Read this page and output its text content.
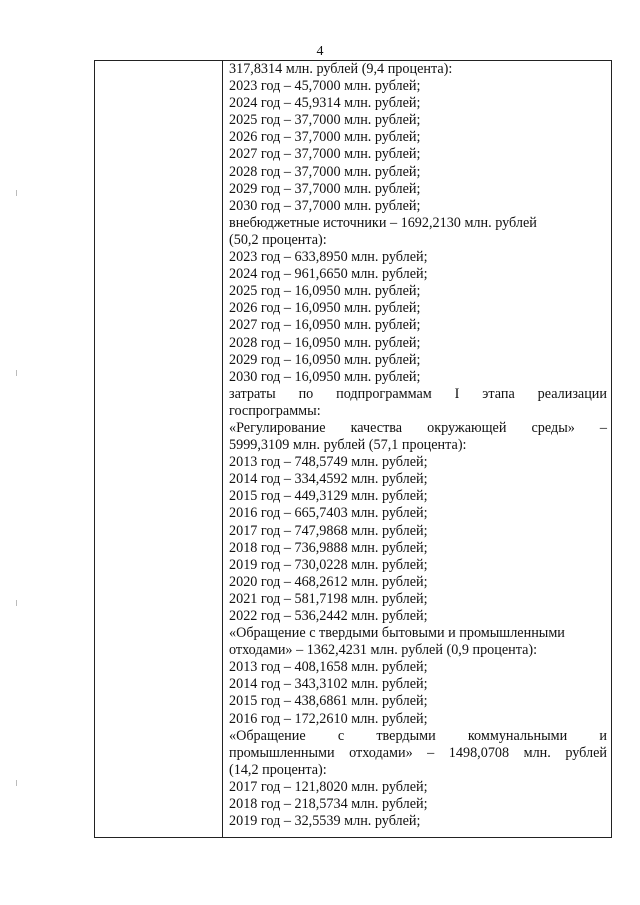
4
317,8314 млн. рублей (9,4 процента):
2023 год – 45,7000 млн. рублей;
2024 год – 45,9314 млн. рублей;
2025 год – 37,7000 млн. рублей;
2026 год – 37,7000 млн. рублей;
2027 год – 37,7000 млн. рублей;
2028 год – 37,7000 млн. рублей;
2029 год – 37,7000 млн. рублей;
2030 год – 37,7000 млн. рублей;
внебюджетные источники – 1692,2130 млн. рублей
(50,2 процента):
2023 год – 633,8950 млн. рублей;
2024 год – 961,6650 млн. рублей;
2025 год – 16,0950 млн. рублей;
2026 год – 16,0950 млн. рублей;
2027 год – 16,0950 млн. рублей;
2028 год – 16,0950 млн. рублей;
2029 год – 16,0950 млн. рублей;
2030 год – 16,0950 млн. рублей;
затраты по подпрограммам I этапа реализации
госпрограммы:
«Регулирование качества окружающей среды» –
5999,3109 млн. рублей (57,1 процента):
2013 год – 748,5749 млн. рублей;
2014 год – 334,4592 млн. рублей;
2015 год – 449,3129 млн. рублей;
2016 год – 665,7403 млн. рублей;
2017 год – 747,9868 млн. рублей;
2018 год – 736,9888 млн. рублей;
2019 год – 730,0228 млн. рублей;
2020 год – 468,2612 млн. рублей;
2021 год – 581,7198 млн. рублей;
2022 год – 536,2442 млн. рублей;
«Обращение с твердыми бытовыми и промышленными
отходами» – 1362,4231 млн. рублей (0,9 процента):
2013 год – 408,1658 млн. рублей;
2014 год – 343,3102 млн. рублей;
2015 год – 438,6861 млн. рублей;
2016 год – 172,2610 млн. рублей;
«Обращение с твердыми коммунальными и
промышленными отходами» – 1498,0708 млн. рублей
(14,2 процента):
2017 год – 121,8020 млн. рублей;
2018 год – 218,5734 млн. рублей;
2019 год – 32,5539 млн. рублей;
